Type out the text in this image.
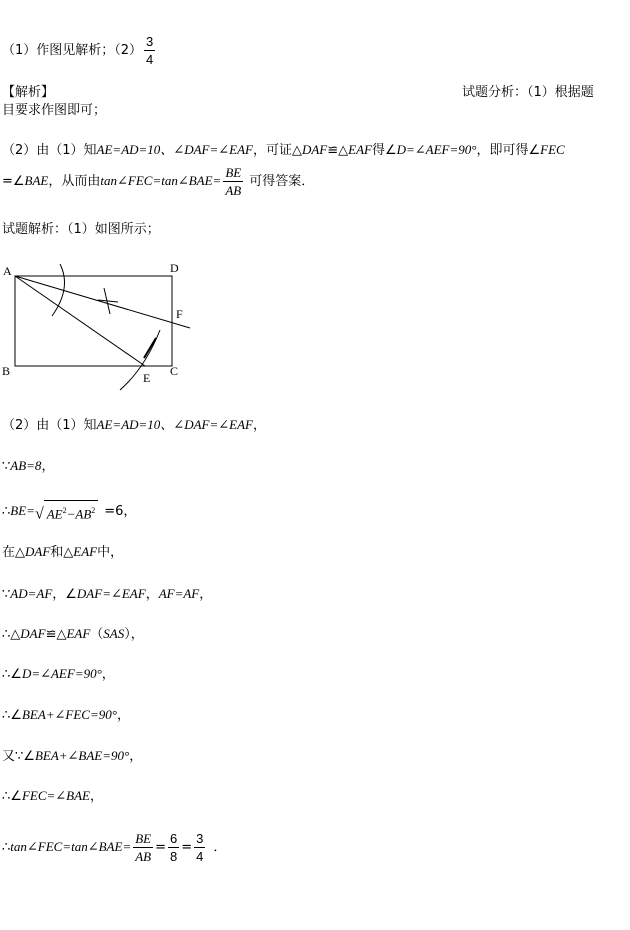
（1）作图见解析；$(2) \frac{3}{4}$
【解析】	试题分析：（1）根据题
目要求作图即可；
（2）由（1）知AE=AD=10、∠DAF=∠EAF，可证△DAF≌△EAF得∠D=∠AEF=90°，即可得∠FEC
=∠BAE，从而由tan∠FEC=tan∠BAE= $\frac{BE}{AB}$ 可得答案．
试题解析：（1）如图所示；
A	D
B	C
E
F
（2）由（1）知AE=AD=10、∠DAF=∠EAF，
∵AB=8，
∴BE=√ $AE^2-AB^2 =6$，
在△DAF和△EAF中，
∵AD=AF，∠DAF=∠EAF，AF=AF，
∴△DAF≌△EAF（SAS），
∴∠D=∠AEF=90°，
∴∠BEA+∠FEC=90°，
又∵∠BEA+∠BAE=90°，
∴∠FEC=∠BAE，
∴tan∠FEC=tan∠BAE= $\frac{BE}{AB} = \frac{6}{8} = \frac{3}{4}$ ．
